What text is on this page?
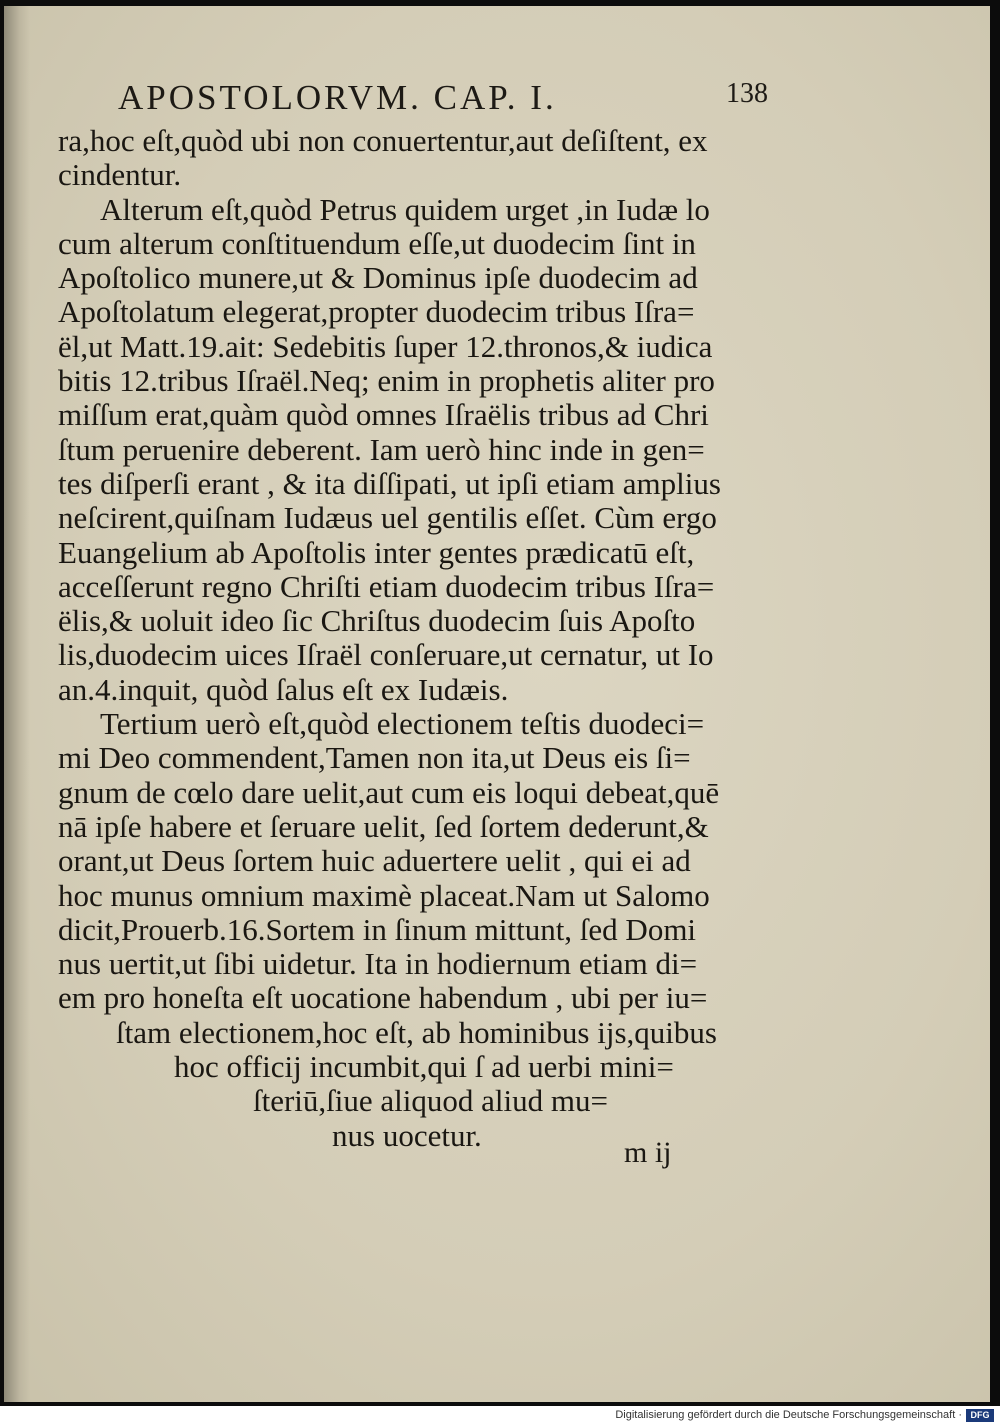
APOSTOLORVM. CAP. I.	138
ra,hoc eſt,quòd ubi non conuertentur,aut deſiſtent, ex
cindentur.
Alterum eſt,quòd Petrus quidem urget ,in Iudæ lo
cum alterum conſtituendum eſſe,ut duodecim ſint in
Apoſtolico munere,ut & Dominus ipſe duodecim ad
Apoſtolatum elegerat,propter duodecim tribus Iſra=
ël,ut Matt.19.ait: Sedebitis ſuper 12.thronos,& iudica
bitis 12.tribus Iſraël.Neq; enim in prophetis aliter pro
miſſum erat,quàm quòd omnes Iſraëlis tribus ad Chri
ſtum peruenire deberent. Iam uerò hinc inde in gen=
tes diſperſi erant , & ita diſſipati, ut ipſi etiam amplius
neſcirent,quiſnam Iudæus uel gentilis eſſet. Cùm ergo
Euangelium ab Apoſtolis inter gentes prædicatū eſt,
acceſſerunt regno Chriſti etiam duodecim tribus Iſra=
ëlis,& uoluit ideo ſic Chriſtus duodecim ſuis Apoſto
lis,duodecim uices Iſraël conſeruare,ut cernatur, ut Io
an.4.inquit, quòd ſalus eſt ex Iudæis.
Tertium uerò eſt,quòd electionem teſtis duodeci=
mi Deo commendent,Tamen non ita,ut Deus eis ſi=
gnum de cœlo dare uelit,aut cum eis loqui debeat,quē
nā ipſe habere et ſeruare uelit, ſed ſortem dederunt,&
orant,ut Deus ſortem huic aduertere uelit , qui ei ad
hoc munus omnium maximè placeat.Nam ut Salomo
dicit,Prouerb.16.Sortem in ſinum mittunt, ſed Domi
nus uertit,ut ſibi uidetur. Ita in hodiernum etiam di=
em pro honeſta eſt uocatione habendum , ubi per iu=
ſtam electionem,hoc eſt, ab hominibus ijs,quibus
hoc officij incumbit,qui ſ ad uerbi mini=
ſteriū,ſiue aliquod aliud mu=
nus uocetur.	m ij
Digitalisierung gefördert durch die Deutsche Forschungsgemeinschaft · DFG
